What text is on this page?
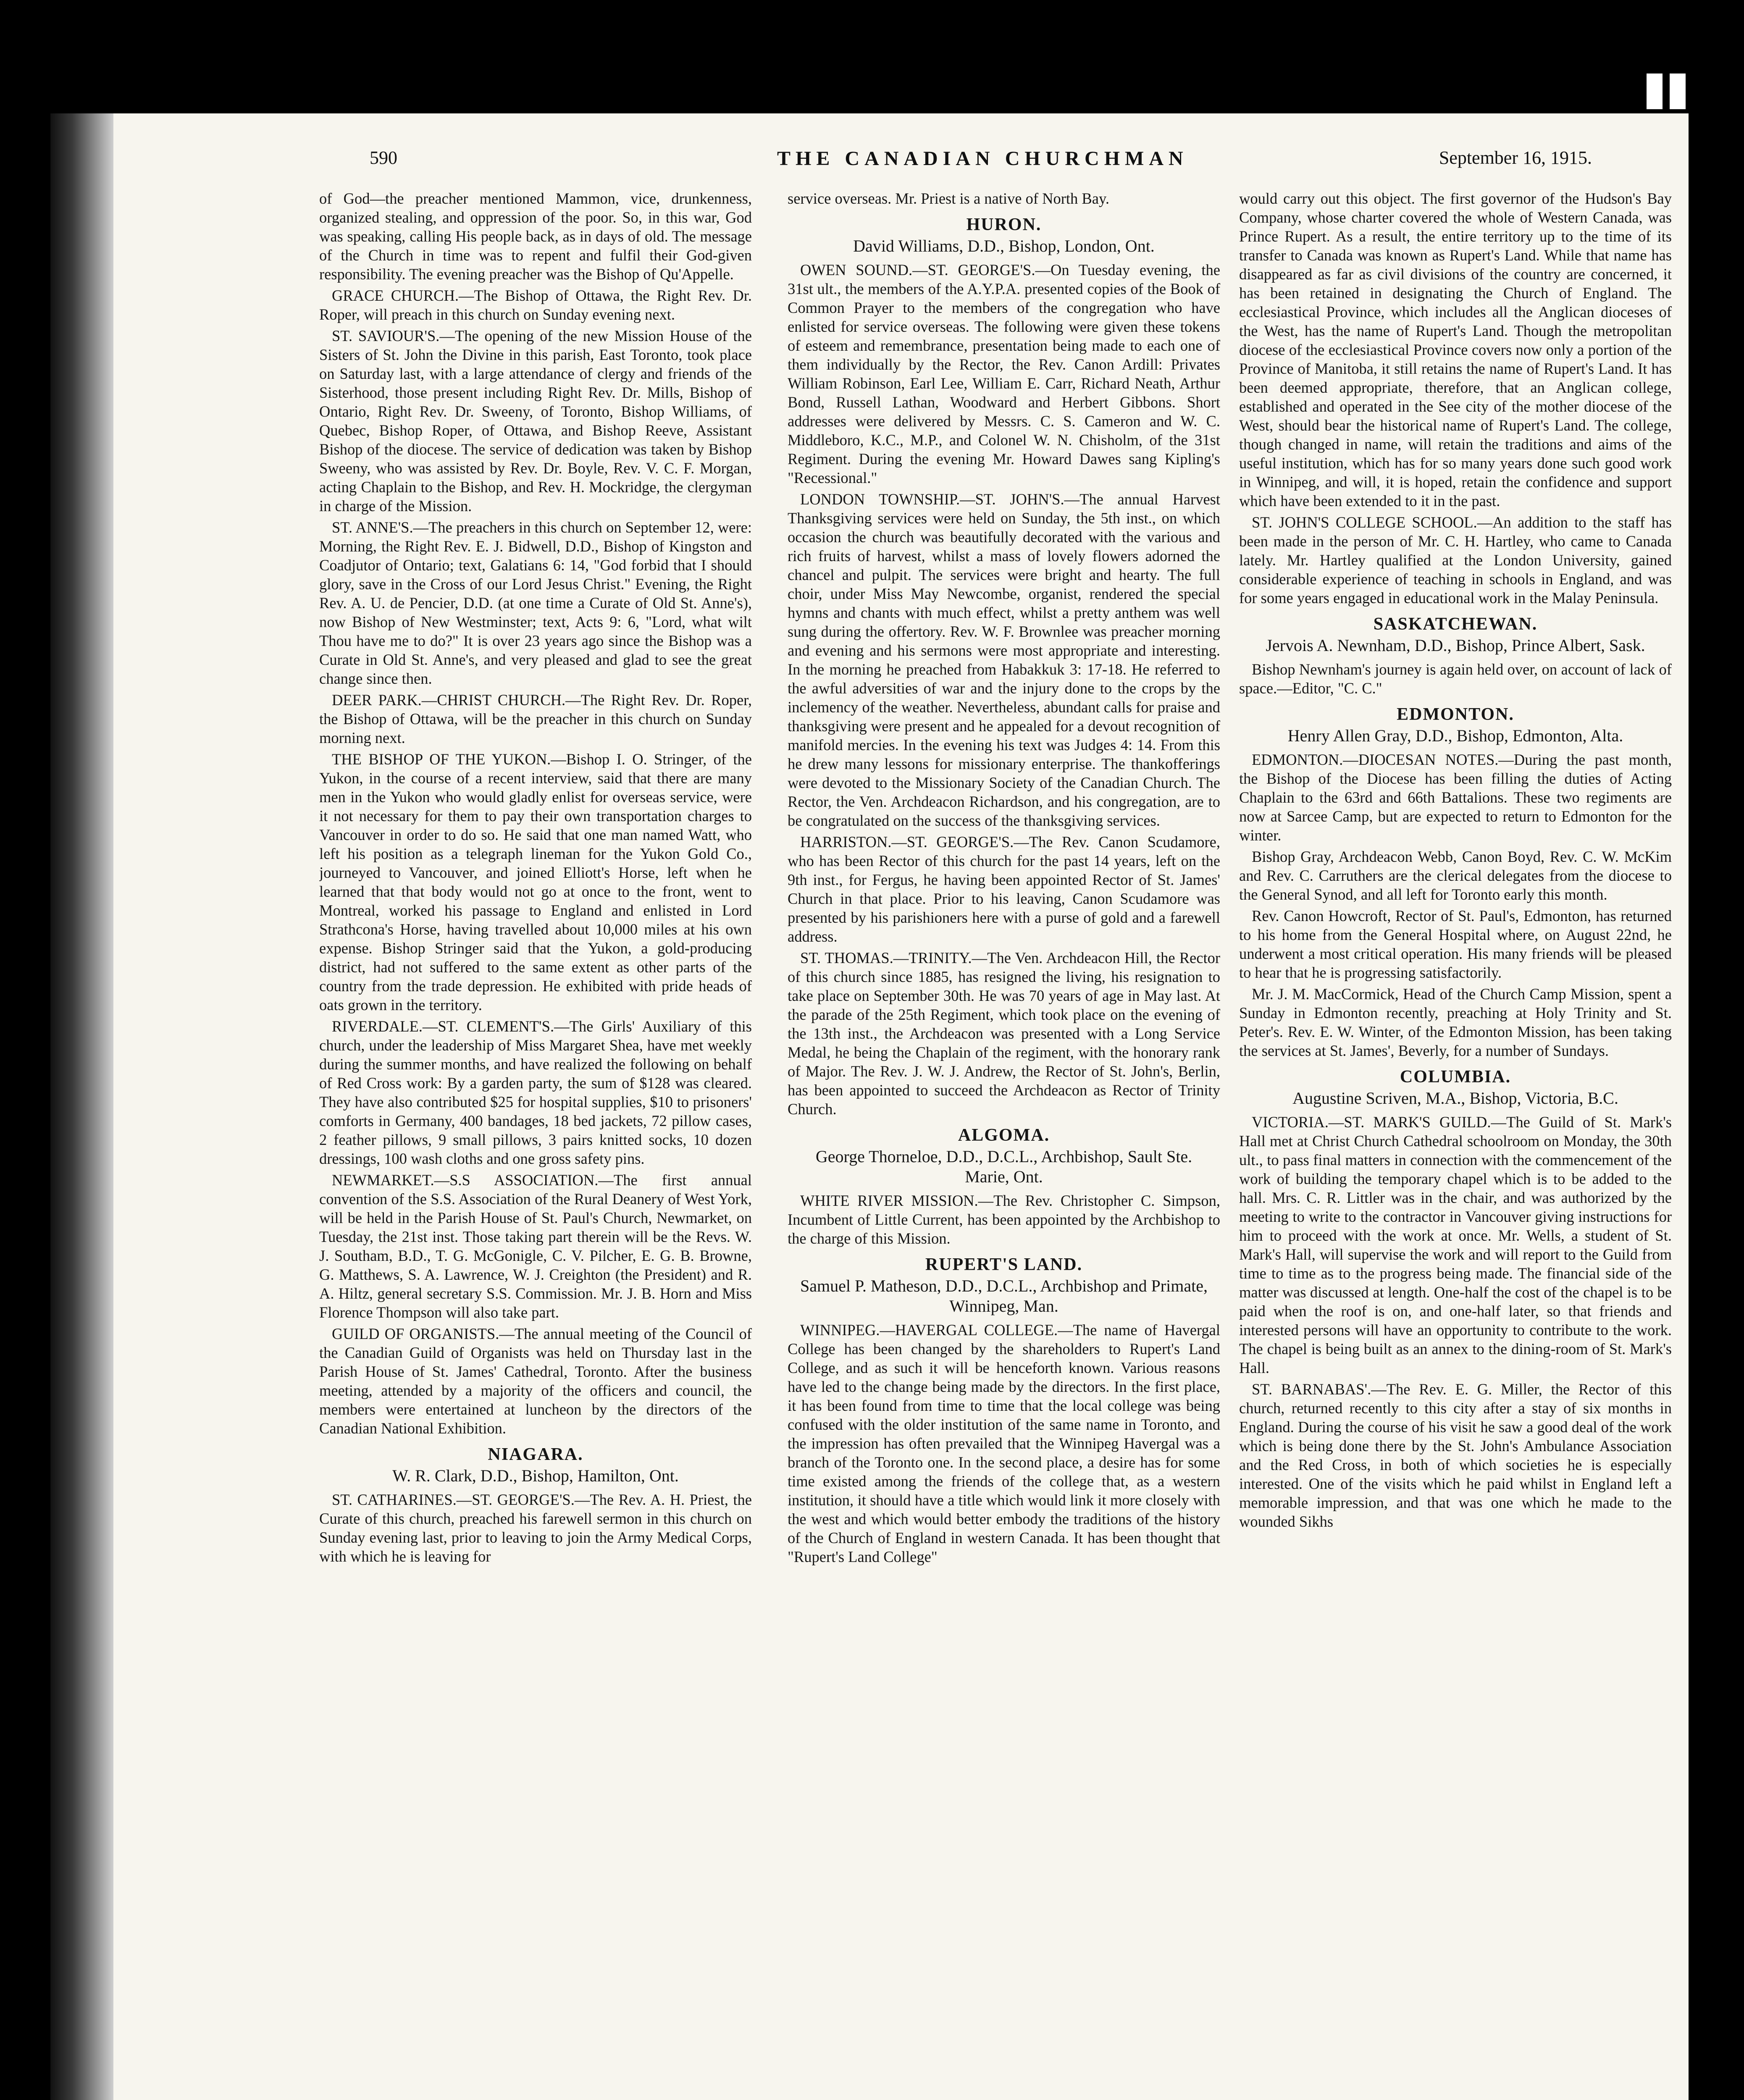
590	THE CANADIAN CHURCHMAN	September 16, 1915.

of God—the preacher mentioned Mammon, vice, drunkenness, organized stealing, and oppression of the poor. So, in this war, God was speaking, calling His people back, as in days of old. The message of the Church in time was to repent and fulfil their God-given responsibility. The evening preacher was the Bishop of Qu'Appelle.

GRACE CHURCH.—The Bishop of Ottawa, the Right Rev. Dr. Roper, will preach in this church on Sunday evening next.

ST. SAVIOUR'S.—The opening of the new Mission House of the Sisters of St. John the Divine in this parish, East Toronto, took place on Saturday last, with a large attendance of clergy and friends of the Sisterhood, those present including Right Rev. Dr. Mills, Bishop of Ontario, Right Rev. Dr. Sweeny, of Toronto, Bishop Williams, of Quebec, Bishop Roper, of Ottawa, and Bishop Reeve, Assistant Bishop of the diocese. The service of dedication was taken by Bishop Sweeny, who was assisted by Rev. Dr. Boyle, Rev. V. C. F. Morgan, acting Chaplain to the Bishop, and Rev. H. Mockridge, the clergyman in charge of the Mission.

ST. ANNE'S.—The preachers in this church on September 12, were: Morning, the Right Rev. E. J. Bidwell, D.D., Bishop of Kingston and Coadjutor of Ontario; text, Galatians 6: 14, "God forbid that I should glory, save in the Cross of our Lord Jesus Christ." Evening, the Right Rev. A. U. de Pencier, D.D. (at one time a Curate of Old St. Anne's), now Bishop of New Westminster; text, Acts 9: 6, "Lord, what wilt Thou have me to do?" It is over 23 years ago since the Bishop was a Curate in Old St. Anne's, and very pleased and glad to see the great change since then.

DEER PARK.—CHRIST CHURCH.—The Right Rev. Dr. Roper, the Bishop of Ottawa, will be the preacher in this church on Sunday morning next.

THE BISHOP OF THE YUKON.—Bishop I. O. Stringer, of the Yukon, in the course of a recent interview, said that there are many men in the Yukon who would gladly enlist for overseas service, were it not necessary for them to pay their own transportation charges to Vancouver in order to do so. He said that one man named Watt, who left his position as a telegraph lineman for the Yukon Gold Co., journeyed to Vancouver, and joined Elliott's Horse, left when he learned that that body would not go at once to the front, went to Montreal, worked his passage to England and enlisted in Lord Strathcona's Horse, having travelled about 10,000 miles at his own expense. Bishop Stringer said that the Yukon, a gold-producing district, had not suffered to the same extent as other parts of the country from the trade depression. He exhibited with pride heads of oats grown in the territory.

RIVERDALE.—ST. CLEMENT'S.—The Girls' Auxiliary of this church, under the leadership of Miss Margaret Shea, have met weekly during the summer months, and have realized the following on behalf of Red Cross work: By a garden party, the sum of $128 was cleared. They have also contributed $25 for hospital supplies, $10 to prisoners' comforts in Germany, 400 bandages, 18 bed jackets, 72 pillow cases, 2 feather pillows, 9 small pillows, 3 pairs knitted socks, 10 dozen dressings, 100 wash cloths and one gross safety pins.

NEWMARKET.—S.S ASSOCIATION.—The first annual convention of the S.S. Association of the Rural Deanery of West York, will be held in the Parish House of St. Paul's Church, Newmarket, on Tuesday, the 21st inst. Those taking part therein will be the Revs. W. J. Southam, B.D., T. G. McGonigle, C. V. Pilcher, E. G. B. Browne, G. Matthews, S. A. Lawrence, W. J. Creighton (the President) and R. A. Hiltz, general secretary S.S. Commission. Mr. J. B. Horn and Miss Florence Thompson will also take part.

GUILD OF ORGANISTS.—The annual meeting of the Council of the Canadian Guild of Organists was held on Thursday last in the Parish House of St. James' Cathedral, Toronto. After the business meeting, attended by a majority of the officers and council, the members were entertained at luncheon by the directors of the Canadian National Exhibition.

NIAGARA.
W. R. Clark, D.D., Bishop, Hamilton, Ont.

ST. CATHARINES.—ST. GEORGE'S.—The Rev. A. H. Priest, the Curate of this church, preached his farewell sermon in this church on Sunday evening last, prior to leaving to join the Army Medical Corps, with which he is leaving for

service overseas. Mr. Priest is a native of North Bay.

HURON.
David Williams, D.D., Bishop, London, Ont.

OWEN SOUND.—ST. GEORGE'S.—On Tuesday evening, the 31st ult., the members of the A.Y.P.A. presented copies of the Book of Common Prayer to the members of the congregation who have enlisted for service overseas. The following were given these tokens of esteem and remembrance, presentation being made to each one of them individually by the Rector, the Rev. Canon Ardill: Privates William Robinson, Earl Lee, William E. Carr, Richard Neath, Arthur Bond, Russell Lathan, Woodward and Herbert Gibbons. Short addresses were delivered by Messrs. C. S. Cameron and W. C. Middleboro, K.C., M.P., and Colonel W. N. Chisholm, of the 31st Regiment. During the evening Mr. Howard Dawes sang Kipling's "Recessional."

LONDON TOWNSHIP.—ST. JOHN'S.—The annual Harvest Thanksgiving services were held on Sunday, the 5th inst., on which occasion the church was beautifully decorated with the various and rich fruits of harvest, whilst a mass of lovely flowers adorned the chancel and pulpit. The services were bright and hearty. The full choir, under Miss May Newcombe, organist, rendered the special hymns and chants with much effect, whilst a pretty anthem was well sung during the offertory. Rev. W. F. Brownlee was preacher morning and evening and his sermons were most appropriate and interesting. In the morning he preached from Habakkuk 3: 17-18. He referred to the awful adversities of war and the injury done to the crops by the inclemency of the weather. Nevertheless, abundant calls for praise and thanksgiving were present and he appealed for a devout recognition of manifold mercies. In the evening his text was Judges 4: 14. From this he drew many lessons for missionary enterprise. The thankofferings were devoted to the Missionary Society of the Canadian Church. The Rector, the Ven. Archdeacon Richardson, and his congregation, are to be congratulated on the success of the thanksgiving services.

HARRISTON.—ST. GEORGE'S.—The Rev. Canon Scudamore, who has been Rector of this church for the past 14 years, left on the 9th inst., for Fergus, he having been appointed Rector of St. James' Church in that place. Prior to his leaving, Canon Scudamore was presented by his parishioners here with a purse of gold and a farewell address.

ST. THOMAS.—TRINITY.—The Ven. Archdeacon Hill, the Rector of this church since 1885, has resigned the living, his resignation to take place on September 30th. He was 70 years of age in May last. At the parade of the 25th Regiment, which took place on the evening of the 13th inst., the Archdeacon was presented with a Long Service Medal, he being the Chaplain of the regiment, with the honorary rank of Major. The Rev. J. W. J. Andrew, the Rector of St. John's, Berlin, has been appointed to succeed the Archdeacon as Rector of Trinity Church.

ALGOMA.
George Thorneloe, D.D., D.C.L., Archbishop, Sault Ste. Marie, Ont.

WHITE RIVER MISSION.—The Rev. Christopher C. Simpson, Incumbent of Little Current, has been appointed by the Archbishop to the charge of this Mission.

RUPERT'S LAND.
Samuel P. Matheson, D.D., D.C.L., Archbishop and Primate, Winnipeg, Man.

WINNIPEG.—HAVERGAL COLLEGE.—The name of Havergal College has been changed by the shareholders to Rupert's Land College, and as such it will be henceforth known. Various reasons have led to the change being made by the directors. In the first place, it has been found from time to time that the local college was being confused with the older institution of the same name in Toronto, and the impression has often prevailed that the Winnipeg Havergal was a branch of the Toronto one. In the second place, a desire has for some time existed among the friends of the college that, as a western institution, it should have a title which would link it more closely with the west and which would better embody the traditions of the history of the Church of England in western Canada. It has been thought that "Rupert's Land College"

would carry out this object. The first governor of the Hudson's Bay Company, whose charter covered the whole of Western Canada, was Prince Rupert. As a result, the entire territory up to the time of its transfer to Canada was known as Rupert's Land. While that name has disappeared as far as civil divisions of the country are concerned, it has been retained in designating the Church of England. The ecclesiastical Province, which includes all the Anglican dioceses of the West, has the name of Rupert's Land. Though the metropolitan diocese of the ecclesiastical Province covers now only a portion of the Province of Manitoba, it still retains the name of Rupert's Land. It has been deemed appropriate, therefore, that an Anglican college, established and operated in the See city of the mother diocese of the West, should bear the historical name of Rupert's Land. The college, though changed in name, will retain the traditions and aims of the useful institution, which has for so many years done such good work in Winnipeg, and will, it is hoped, retain the confidence and support which have been extended to it in the past.

ST. JOHN'S COLLEGE SCHOOL.—An addition to the staff has been made in the person of Mr. C. H. Hartley, who came to Canada lately. Mr. Hartley qualified at the London University, gained considerable experience of teaching in schools in England, and was for some years engaged in educational work in the Malay Peninsula.

SASKATCHEWAN.
Jervois A. Newnham, D.D., Bishop, Prince Albert, Sask.

Bishop Newnham's journey is again held over, on account of lack of space.—Editor, "C. C."

EDMONTON.
Henry Allen Gray, D.D., Bishop, Edmonton, Alta.

EDMONTON.—DIOCESAN NOTES.—During the past month, the Bishop of the Diocese has been filling the duties of Acting Chaplain to the 63rd and 66th Battalions. These two regiments are now at Sarcee Camp, but are expected to return to Edmonton for the winter.

Bishop Gray, Archdeacon Webb, Canon Boyd, Rev. C. W. McKim and Rev. C. Carruthers are the clerical delegates from the diocese to the General Synod, and all left for Toronto early this month.

Rev. Canon Howcroft, Rector of St. Paul's, Edmonton, has returned to his home from the General Hospital where, on August 22nd, he underwent a most critical operation. His many friends will be pleased to hear that he is progressing satisfactorily.

Mr. J. M. MacCormick, Head of the Church Camp Mission, spent a Sunday in Edmonton recently, preaching at Holy Trinity and St. Peter's. Rev. E. W. Winter, of the Edmonton Mission, has been taking the services at St. James', Beverly, for a number of Sundays.

COLUMBIA.
Augustine Scriven, M.A., Bishop, Victoria, B.C.

VICTORIA.—ST. MARK'S GUILD.—The Guild of St. Mark's Hall met at Christ Church Cathedral schoolroom on Monday, the 30th ult., to pass final matters in connection with the commencement of the work of building the temporary chapel which is to be added to the hall. Mrs. C. R. Littler was in the chair, and was authorized by the meeting to write to the contractor in Vancouver giving instructions for him to proceed with the work at once. Mr. Wells, a student of St. Mark's Hall, will supervise the work and will report to the Guild from time to time as to the progress being made. The financial side of the matter was discussed at length. One-half the cost of the chapel is to be paid when the roof is on, and one-half later, so that friends and interested persons will have an opportunity to contribute to the work. The chapel is being built as an annex to the dining-room of St. Mark's Hall.

ST. BARNABAS'.—The Rev. E. G. Miller, the Rector of this church, returned recently to this city after a stay of six months in England. During the course of his visit he saw a good deal of the work which is being done there by the St. John's Ambulance Association and the Red Cross, in both of which societies he is especially interested. One of the visits which he paid whilst in England left a memorable impression, and that was one which he made to the wounded Sikhs
